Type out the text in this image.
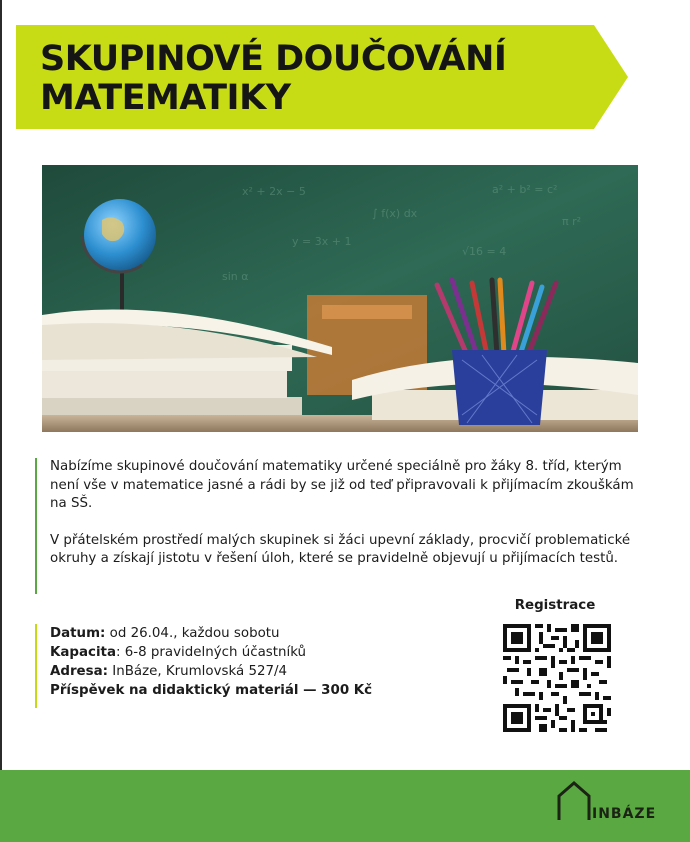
SKUPINOVÉ DOUČOVÁNÍ
MATEMATIKY
x² + 2x − 5
∫ f(x) dx
a² + b² = c²
y = 3x + 1
√16 = 4
π r²
sin α

Nabízíme skupinové doučování matematiky určené speciálně pro žáky 8. tříd, kterým není vše v matematice jasné a rádi by se již od teď připravovali k přijímacím zkouškám na SŠ.

V přátelském prostředí malých skupinek si žáci upevní základy, procvičí problematické okruhy a získají jistotu v řešení úloh, které se pravidelně objevují u přijímacích testů.

Datum: od 26.04., každou sobotu
Kapacita: 6-8 pravidelných účastníků
Adresa: InBáze, Krumlovská 527/4
Příspěvek na didaktický materiál — 300 Kč
Registrace
INBÁZE
